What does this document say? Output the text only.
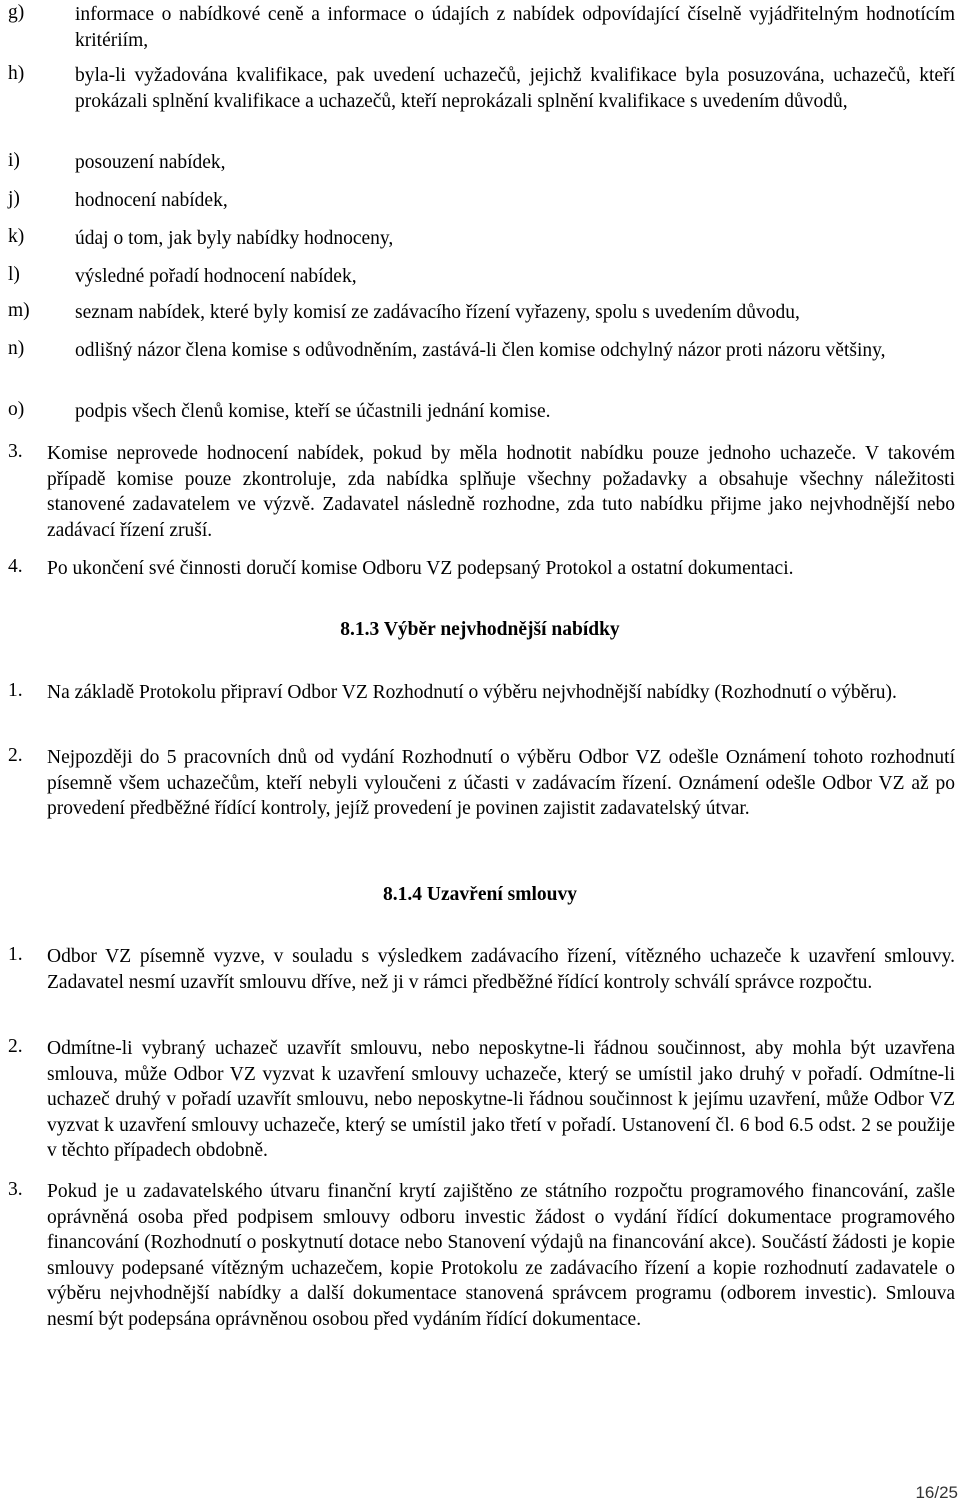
g)	informace o nabídkové ceně a informace o údajích z nabídek odpovídající číselně vyjádřitelným hodnotícím kritériím,
h)	byla-li vyžadována kvalifikace, pak uvedení uchazečů, jejichž kvalifikace byla posuzována, uchazečů, kteří prokázali splnění kvalifikace a uchazečů, kteří neprokázali splnění kvalifikace s uvedením důvodů,
i)	posouzení nabídek,
j)	hodnocení nabídek,
k)	údaj o tom, jak byly nabídky hodnoceny,
l)	výsledné pořadí hodnocení nabídek,
m) seznam nabídek, které byly komisí ze zadávacího řízení vyřazeny, spolu s uvedením důvodu,
n)	odlišný názor člena komise s odůvodněním, zastává-li člen komise odchylný názor proti názoru většiny,
o)	podpis všech členů komise, kteří se účastnili jednání komise.
3. Komise neprovede hodnocení nabídek, pokud by měla hodnotit nabídku pouze jednoho uchazeče. V takovém případě komise pouze zkontroluje, zda nabídka splňuje všechny požadavky a obsahuje všechny náležitosti stanovené zadavatelem ve výzvě. Zadavatel následně rozhodne, zda tuto nabídku přijme jako nejvhodnější nebo zadávací řízení zruší.
4. Po ukončení své činnosti doručí komise Odboru VZ podepsaný Protokol a ostatní dokumentaci.
8.1.3 Výběr nejvhodnější nabídky
1. Na základě Protokolu připraví Odbor VZ Rozhodnutí o výběru nejvhodnější nabídky (Rozhodnutí o výběru).
2. Nejpozději do 5 pracovních dnů od vydání Rozhodnutí o výběru Odbor VZ odešle Oznámení tohoto rozhodnutí písemně všem uchazečům, kteří nebyli vyloučeni z účasti v zadávacím řízení. Oznámení odešle Odbor VZ až po provedení předběžné řídící kontroly, jejíž provedení je povinen zajistit zadavatelský útvar.
8.1.4 Uzavření smlouvy
1. Odbor VZ písemně vyzve, v souladu s výsledkem zadávacího řízení, vítězného uchazeče k uzavření smlouvy. Zadavatel nesmí uzavřít smlouvu dříve, než ji v rámci předběžné řídící kontroly schválí správce rozpočtu.
2. Odmítne-li vybraný uchazeč uzavřít smlouvu, nebo neposkytne-li řádnou součinnost, aby mohla být uzavřena smlouva, může Odbor VZ vyzvat k uzavření smlouvy uchazeče, který se umístil jako druhý v pořadí. Odmítne-li uchazeč druhý v pořadí uzavřít smlouvu, nebo neposkytne-li řádnou součinnost k jejímu uzavření, může Odbor VZ vyzvat k uzavření smlouvy uchazeče, který se umístil jako třetí v pořadí. Ustanovení čl. 6 bod 6.5 odst. 2 se použije v těchto případech obdobně.
3. Pokud je u zadavatelského útvaru finanční krytí zajištěno ze státního rozpočtu programového financování, zašle oprávněná osoba před podpisem smlouvy odboru investic žádost o vydání řídící dokumentace programového financování (Rozhodnutí o poskytnutí dotace nebo Stanovení výdajů na financování akce). Součástí žádosti je kopie smlouvy podepsané vítězným uchazečem, kopie Protokolu ze zadávacího řízení a kopie rozhodnutí zadavatele o výběru nejvhodnější nabídky a další dokumentace stanovená správcem programu (odborem investic). Smlouva nesmí být podepsána oprávněnou osobou před vydáním řídící dokumentace.
16/25
